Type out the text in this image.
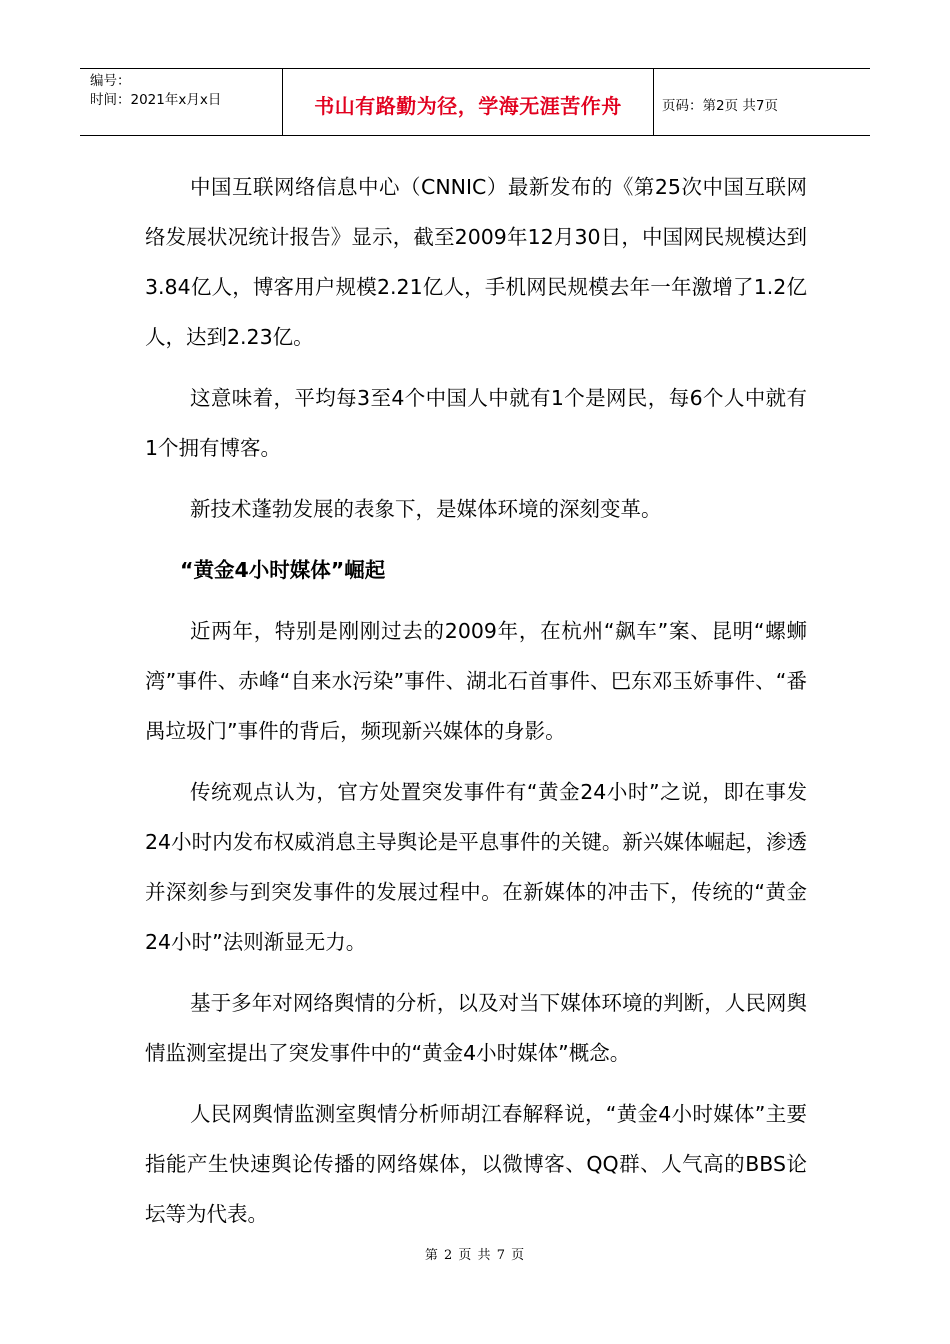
编号：
时间：2021年x月x日	书山有路勤为径，学海无涯苦作舟	页码：第2页 共7页

中国互联网络信息中心（CNNIC）最新发布的《第25次中国互联网络发展状况统计报告》显示，截至2009年12月30日，中国网民规模达到3.84亿人，博客用户规模2.21亿人，手机网民规模去年一年激增了1.2亿人，达到2.23亿。

这意味着，平均每3至4个中国人中就有1个是网民，每6个人中就有1个拥有博客。

新技术蓬勃发展的表象下，是媒体环境的深刻变革。

“黄金4小时媒体”崛起

近两年，特别是刚刚过去的2009年，在杭州“飙车”案、昆明“螺蛳湾”事件、赤峰“自来水污染”事件、湖北石首事件、巴东邓玉娇事件、“番禺垃圾门”事件的背后，频现新兴媒体的身影。

传统观点认为，官方处置突发事件有“黄金24小时”之说，即在事发24小时内发布权威消息主导舆论是平息事件的关键。新兴媒体崛起，渗透并深刻参与到突发事件的发展过程中。在新媒体的冲击下，传统的“黄金24小时”法则渐显无力。

基于多年对网络舆情的分析，以及对当下媒体环境的判断，人民网舆情监测室提出了突发事件中的“黄金4小时媒体”概念。

人民网舆情监测室舆情分析师胡江春解释说，“黄金4小时媒体”主要指能产生快速舆论传播的网络媒体，以微博客、QQ群、人气高的BBS论坛等为代表。

第 2 页 共 7 页
